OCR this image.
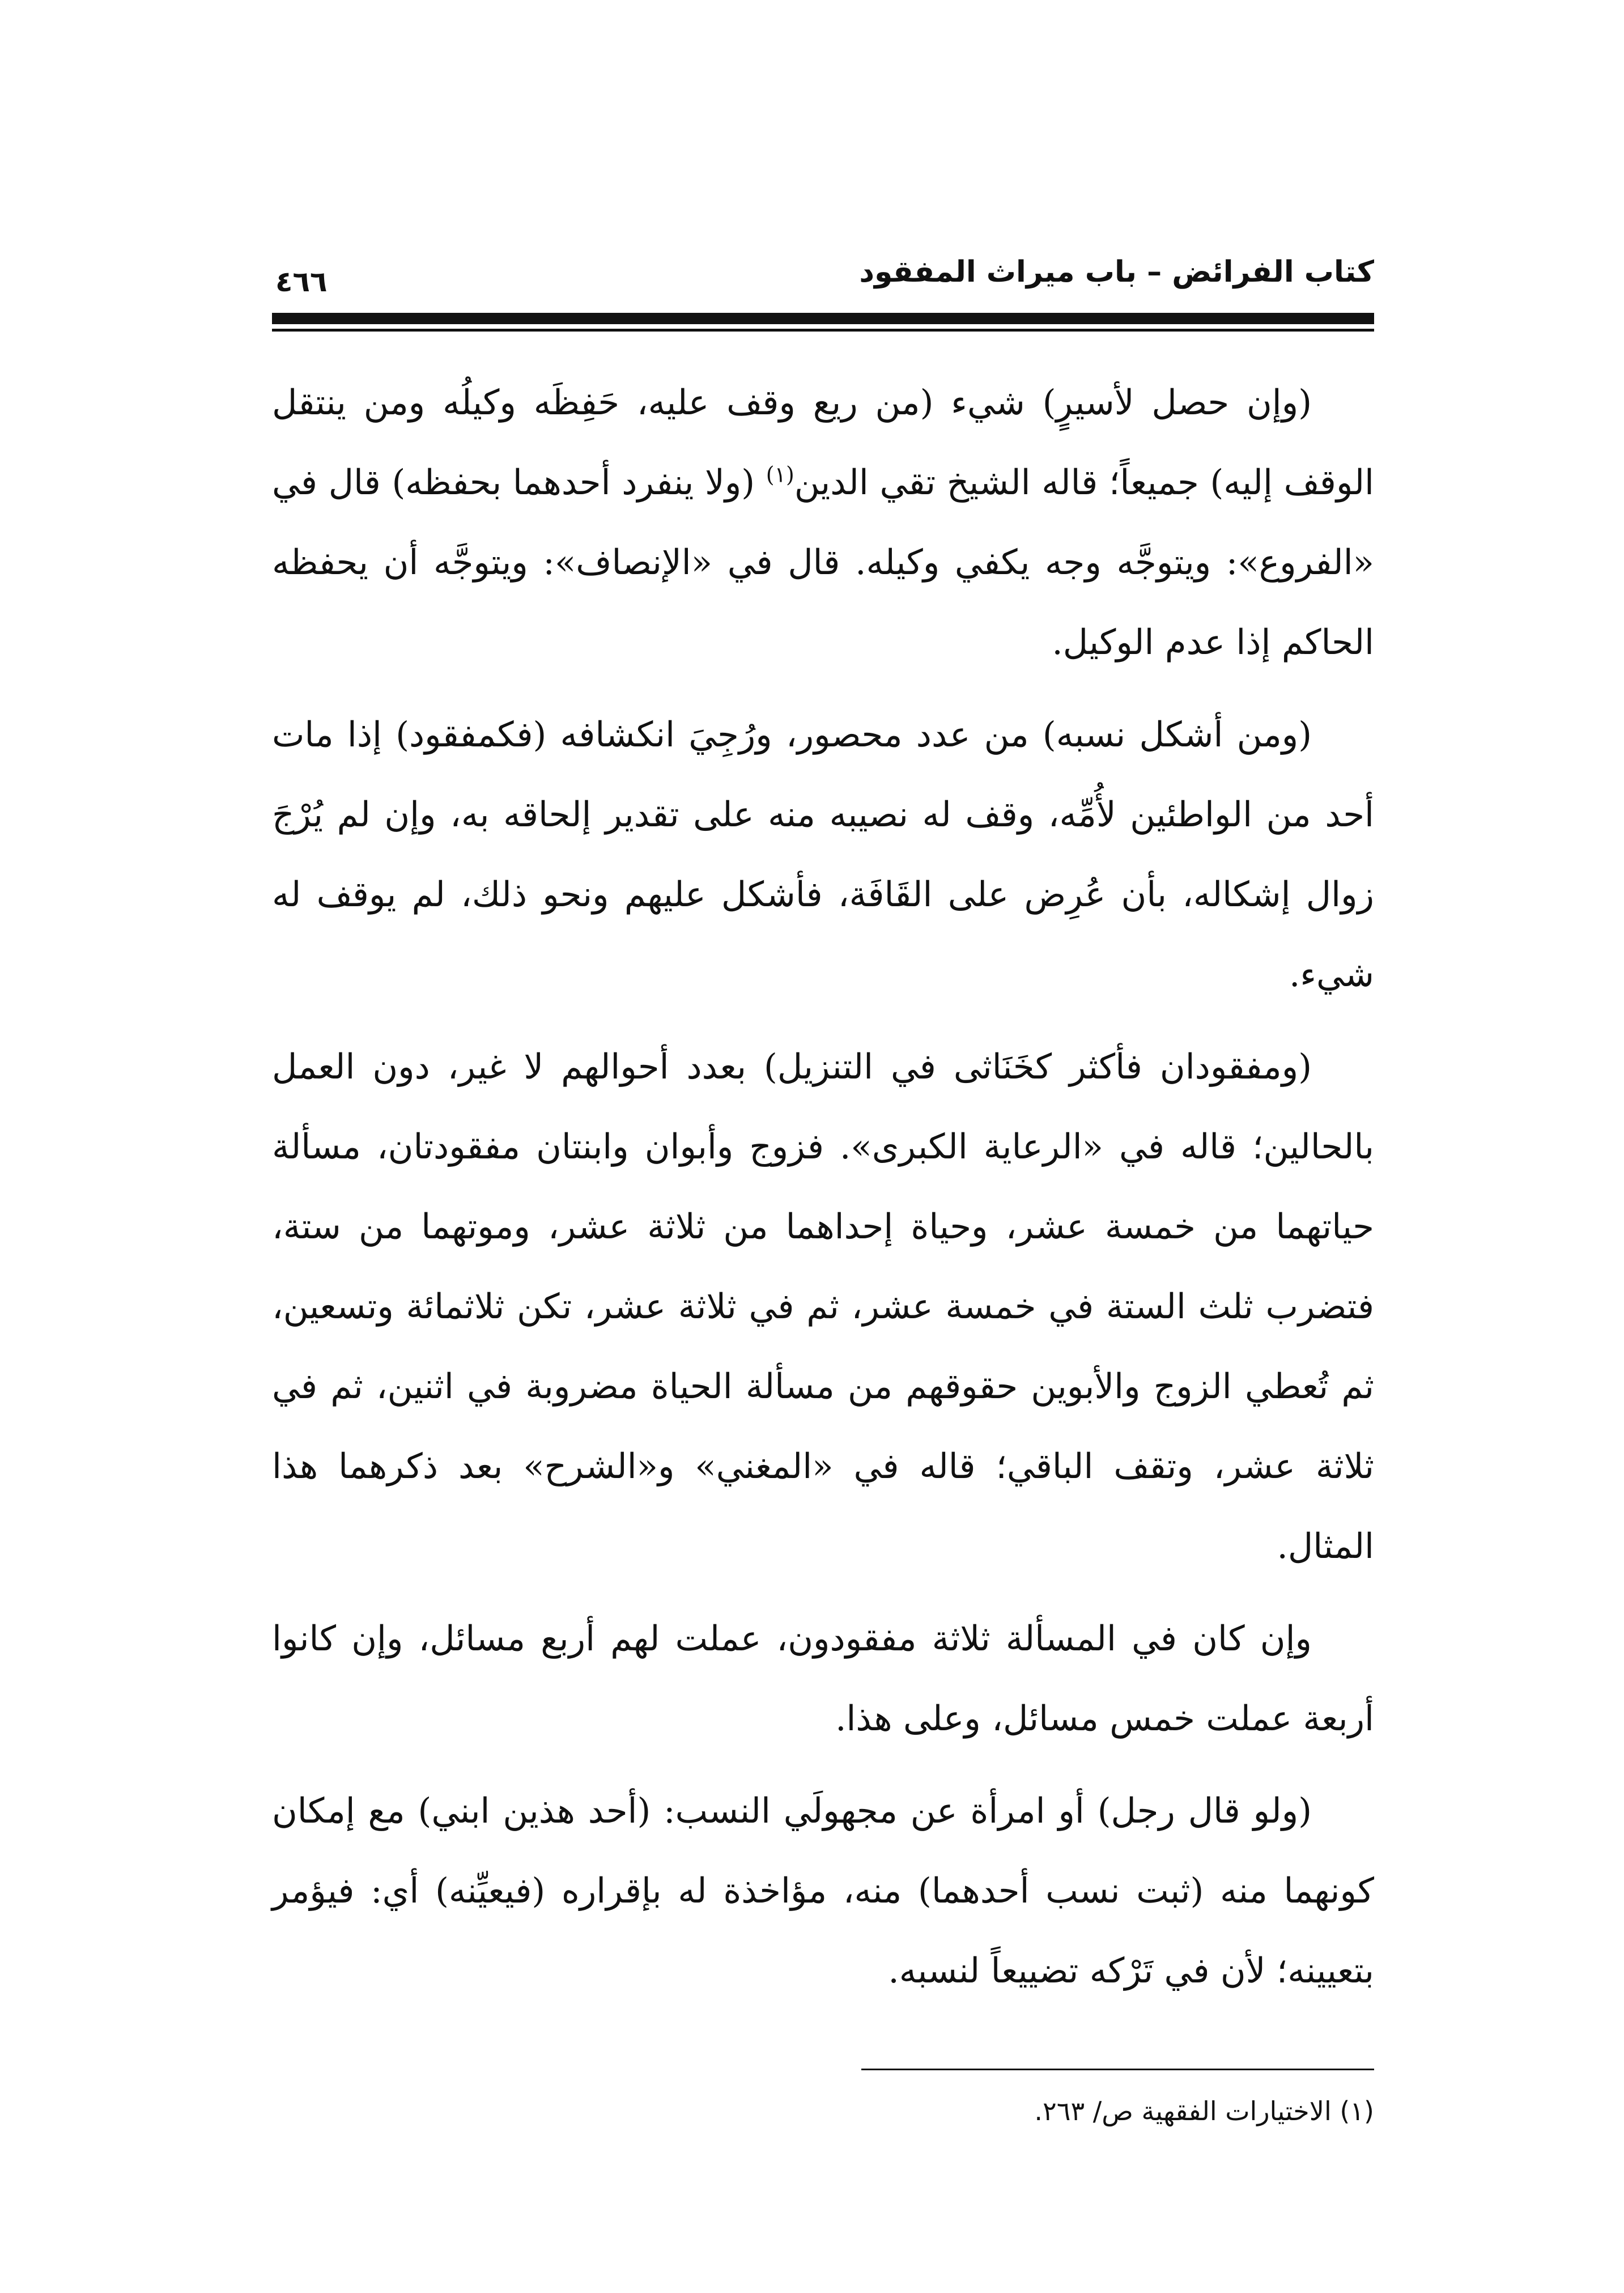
كتاب الفرائض – باب ميراث المفقود
٤٦٦

(وإن حصل لأسيرٍ) شيء (من ريع وقف عليه، حَفِظَه وكيلُه ومن ينتقل الوقف إليه) جميعاً؛ قاله الشيخ تقي الدين$^{(١)}$ (ولا ينفرد أحدهما بحفظه) قال في «الفروع»: ويتوجَّه وجه يكفي وكيله. قال في «الإنصاف»: ويتوجَّه أن يحفظه الحاكم إذا عدم الوكيل.

(ومن أشكل نسبه) من عدد محصور، ورُجِيَ انكشافه (فكمفقود) إذا مات أحد من الواطئين لأُمِّه، وقف له نصيبه منه على تقدير إلحاقه به، وإن لم يُرْجَ زوال إشكاله، بأن عُرِض على القَافَة، فأشكل عليهم ونحو ذلك، لم يوقف له شيء.

(ومفقودان فأكثر كخَنَاثى في التنزيل) بعدد أحوالهم لا غير، دون العمل بالحالين؛ قاله في «الرعاية الكبرى». فزوج وأبوان وابنتان مفقودتان، مسألة حياتهما من خمسة عشر، وحياة إحداهما من ثلاثة عشر، وموتهما من ستة، فتضرب ثلث الستة في خمسة عشر، ثم في ثلاثة عشر، تكن ثلاثمائة وتسعين، ثم تُعطي الزوج والأبوين حقوقهم من مسألة الحياة مضروبة في اثنين، ثم في ثلاثة عشر، وتقف الباقي؛ قاله في «المغني» و«الشرح» بعد ذكرهما هذا المثال.

وإن كان في المسألة ثلاثة مفقودون، عملت لهم أربع مسائل، وإن كانوا أربعة عملت خمس مسائل، وعلى هذا.

(ولو قال رجل) أو امرأة عن مجهولَي النسب: (أحد هذين ابني) مع إمكان كونهما منه (ثبت نسب أحدهما) منه، مؤاخذة له بإقراره (فيعيِّنه) أي: فيؤمر بتعيينه؛ لأن في تَرْكه تضييعاً لنسبه.

(١) الاختيارات الفقهية ص/ ٢٦٣.
